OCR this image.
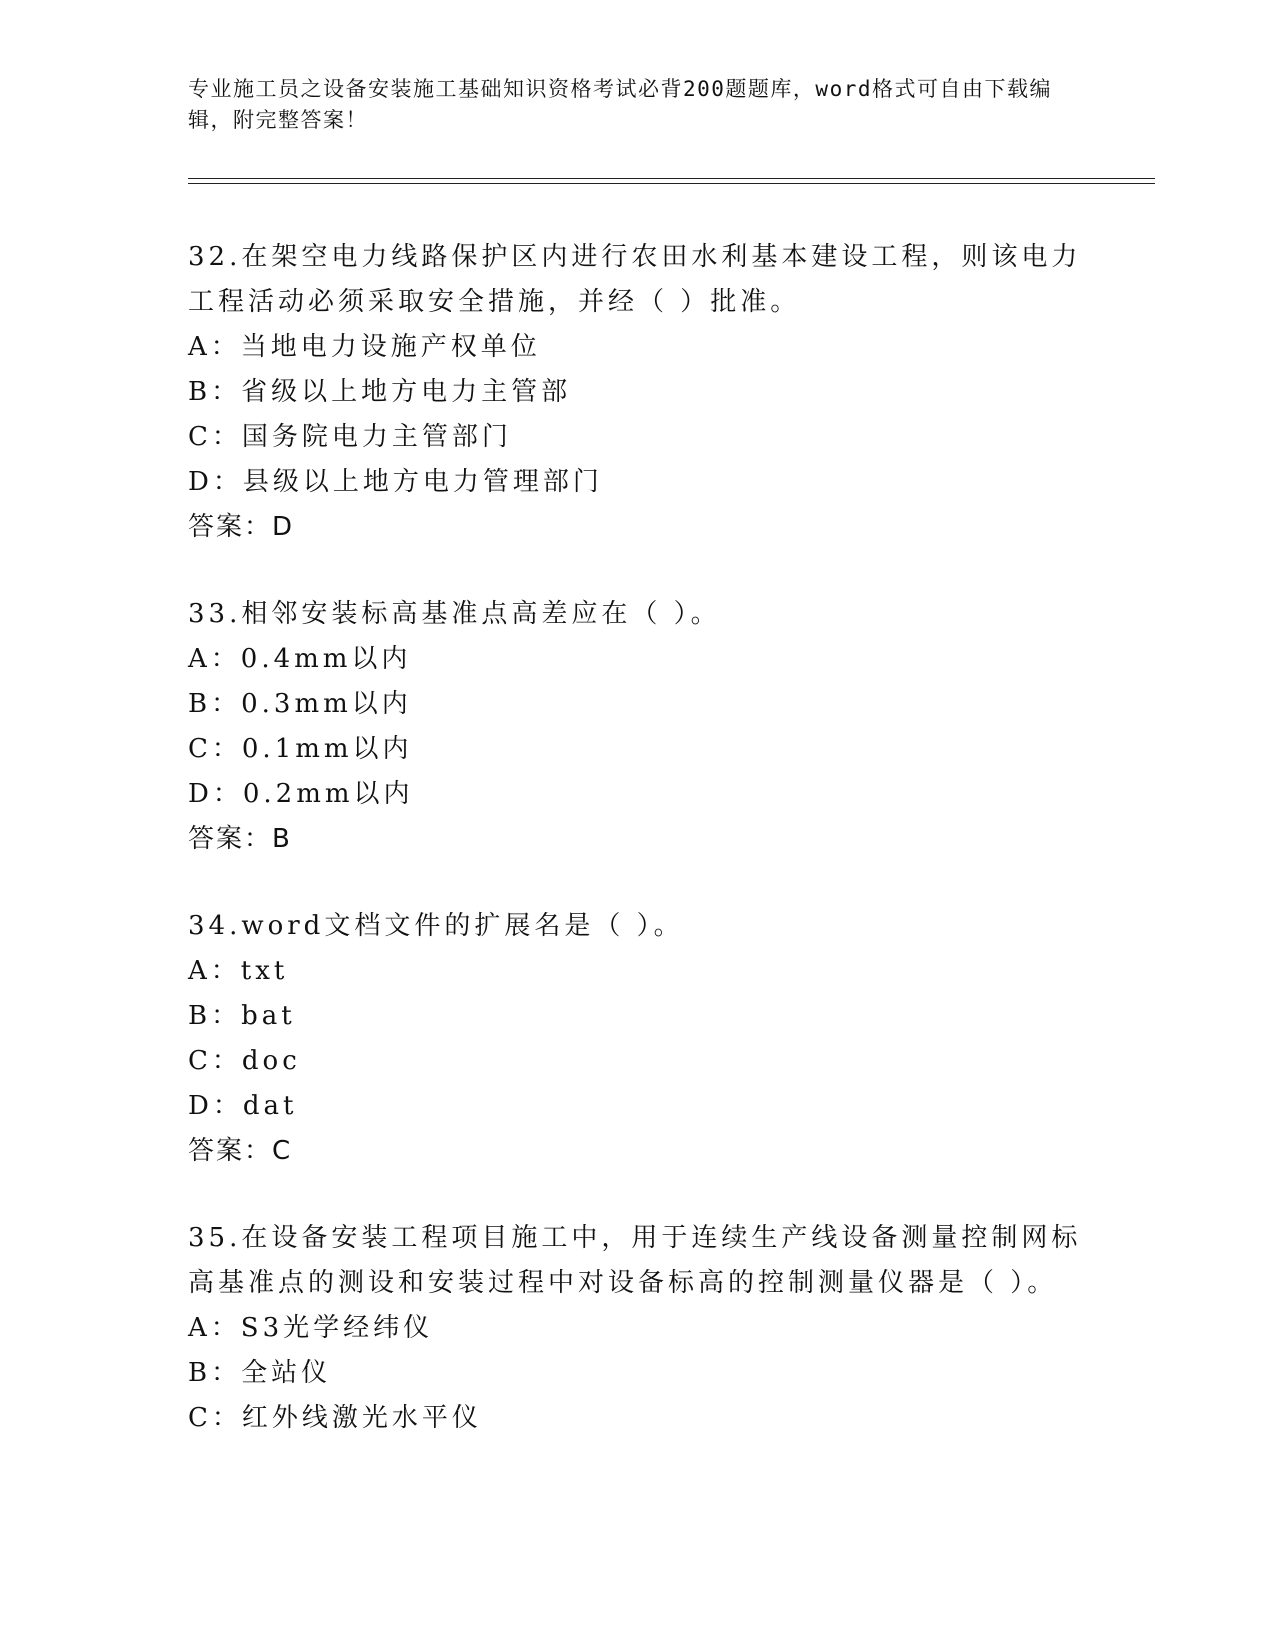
专业施工员之设备安装施工基础知识资格考试必背200题题库，word格式可自由下载编辑，附完整答案！

32.在架空电力线路保护区内进行农田水利基本建设工程，则该电力工程活动必须采取安全措施，并经（ ）批准。

A：当地电力设施产权单位

B：省级以上地方电力主管部

C：国务院电力主管部门

D：县级以上地方电力管理部门

答案：D

33.相邻安装标高基准点高差应在（ ）。

A：0.4mm以内

B：0.3mm以内

C：0.1mm以内

D：0.2mm以内

答案：B

34.word文档文件的扩展名是（ ）。

A：txt

B：bat

C：doc

D：dat

答案：C

35.在设备安装工程项目施工中，用于连续生产线设备测量控制网标高基准点的测设和安装过程中对设备标高的控制测量仪器是（ ）。

A：S3光学经纬仪

B：全站仪

C：红外线激光水平仪
